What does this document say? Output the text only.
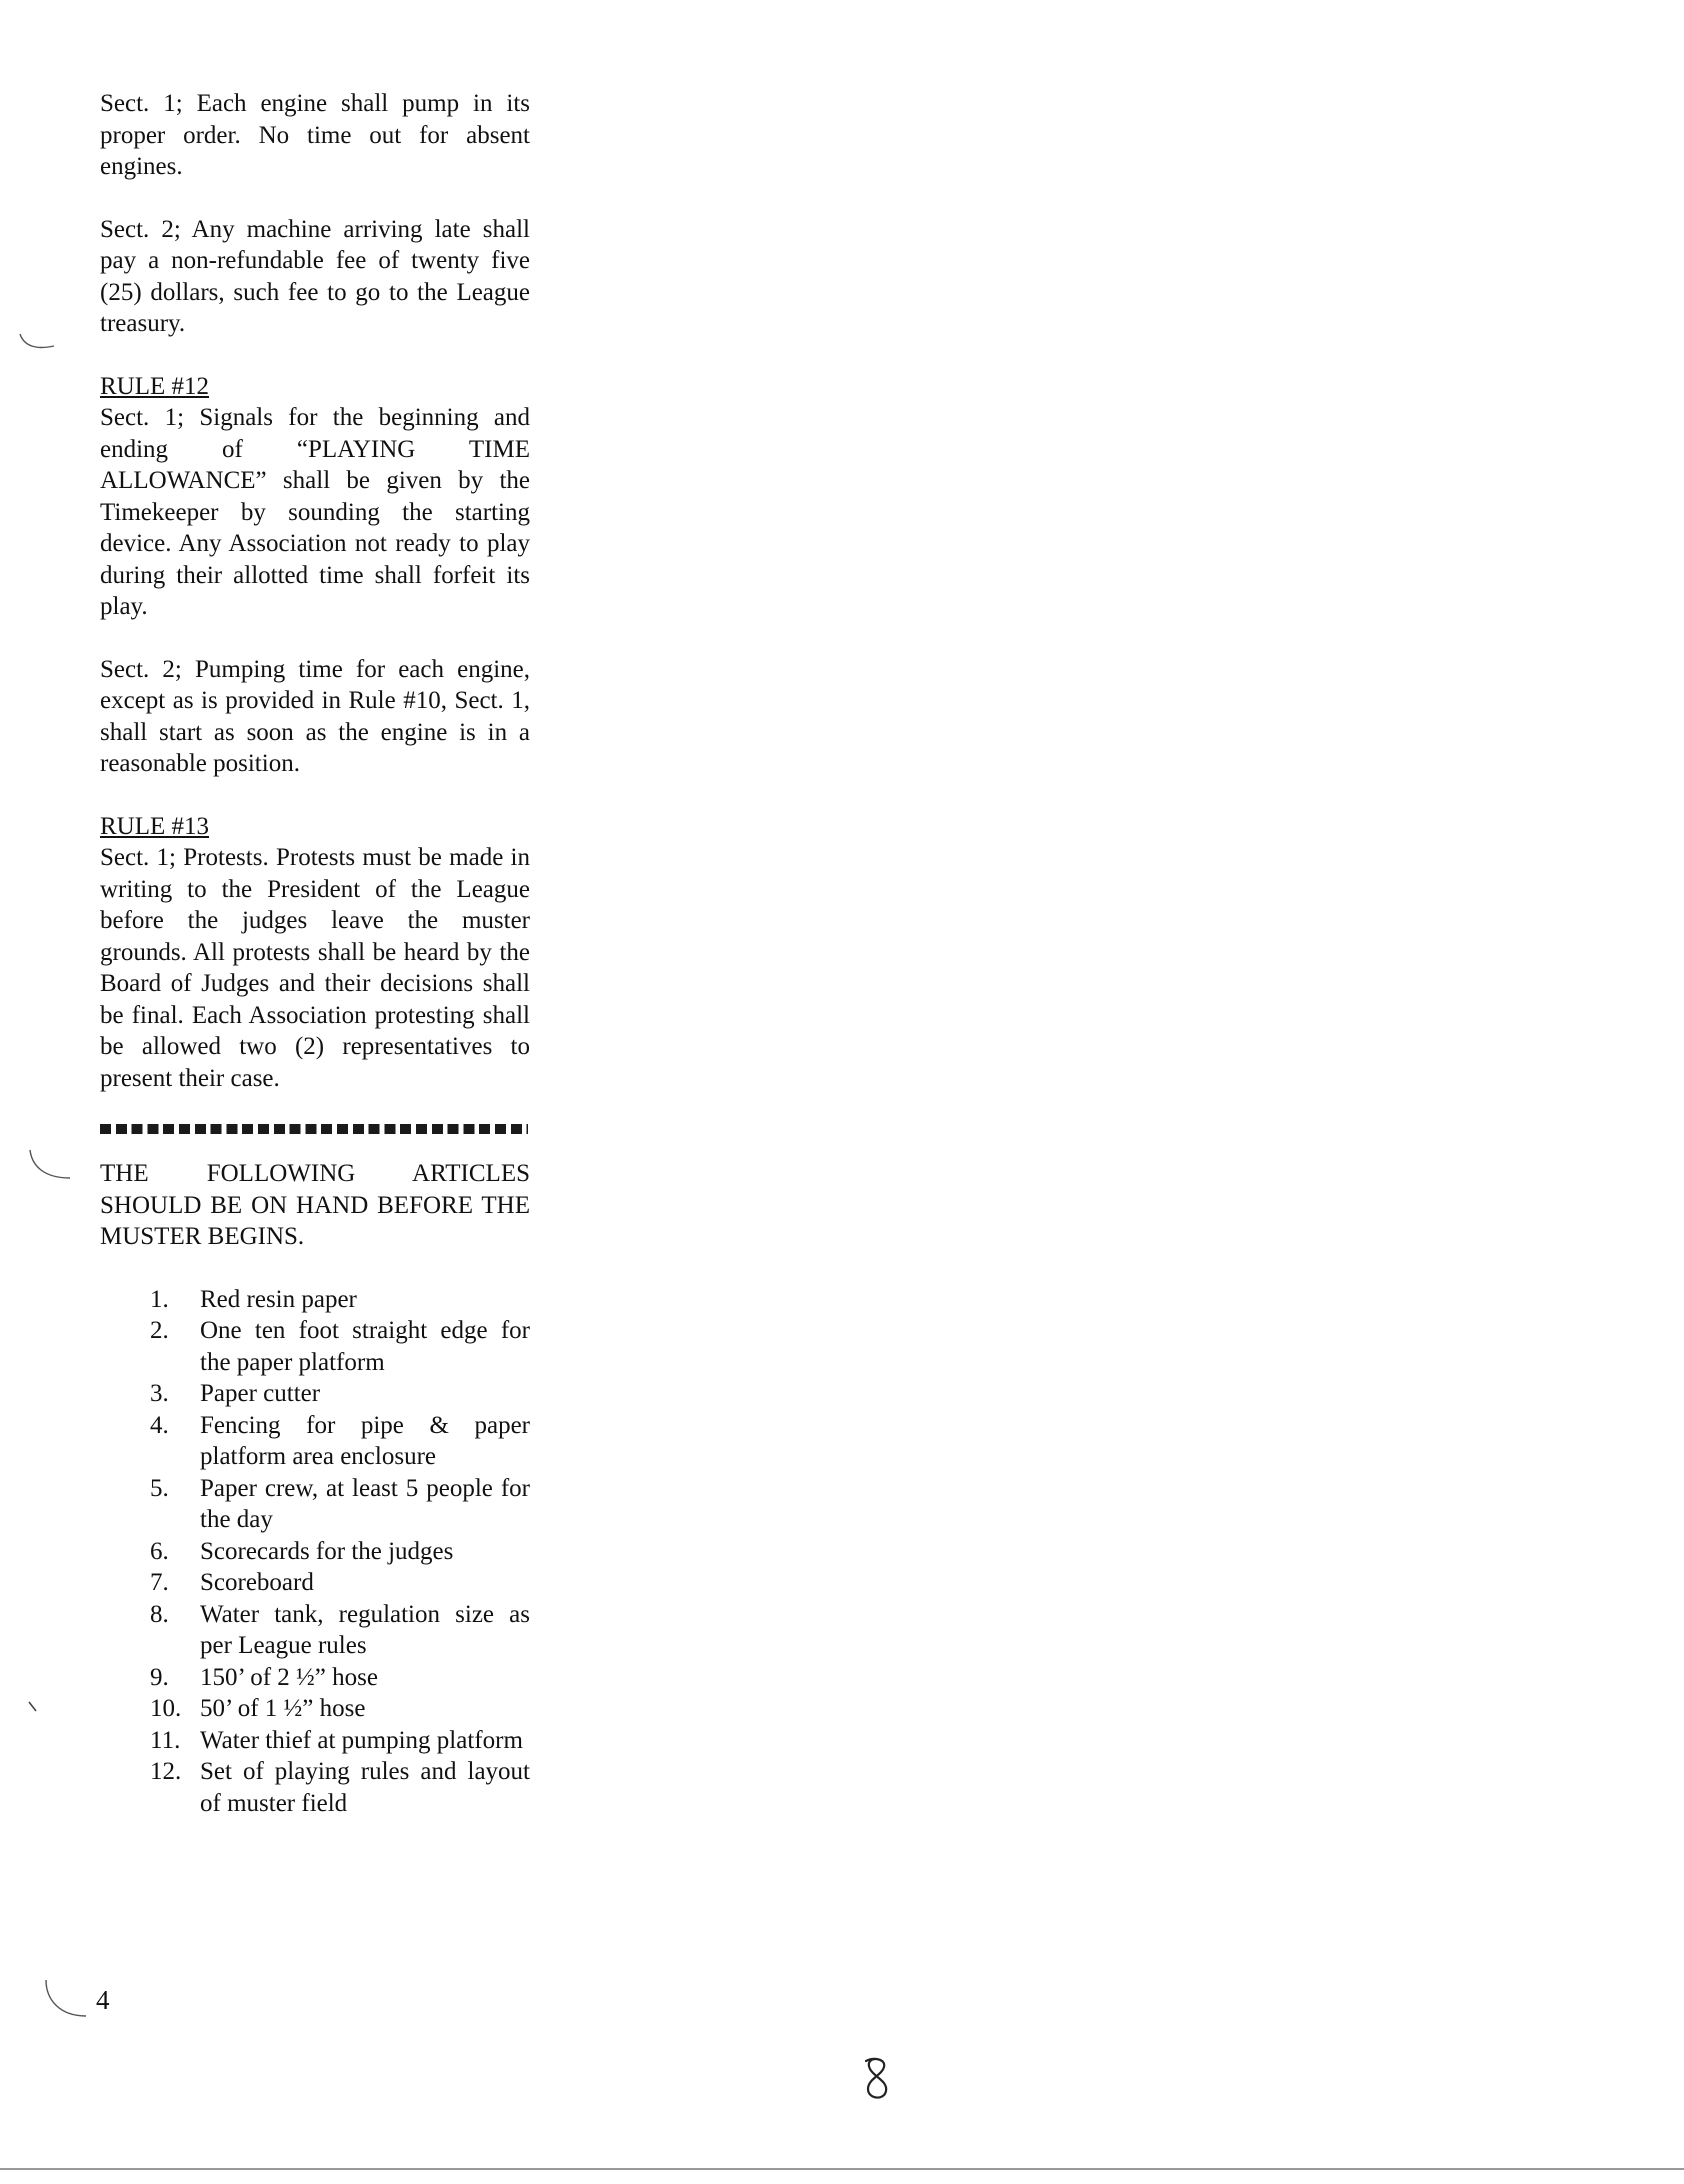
Sect. 1; Each engine shall pump in its proper order. No time out for absent engines.

Sect. 2; Any machine arriving late shall pay a non-refundable fee of twenty five (25) dollars, such fee to go to the League treasury.

RULE #12

Sect. 1; Signals for the beginning and ending of “PLAYING TIME ALLOWANCE” shall be given by the Timekeeper by sounding the starting device. Any Association not ready to play during their allotted time shall forfeit its play.

Sect. 2; Pumping time for each engine, except as is provided in Rule #10, Sect. 1, shall start as soon as the engine is in a reasonable position.

RULE #13

Sect. 1; Protests. Protests must be made in writing to the President of the League before the judges leave the muster grounds. All protests shall be heard by the Board of Judges and their decisions shall be final. Each Association protesting shall be allowed two (2) representatives to present their case.

THE FOLLOWING ARTICLES SHOULD BE ON HAND BEFORE THE MUSTER BEGINS.

1.	Red resin paper
2.	One ten foot straight edge for the paper platform
3.	Paper cutter
4.	Fencing for pipe & paper platform area enclosure
5.	Paper crew, at least 5 people for the day
6.	Scorecards for the judges
7.	Scoreboard
8.	Water tank, regulation size as per League rules
9.	150’ of 2 ½” hose
10. 50’ of 1 ½” hose
11. Water thief at pumping platform
12. Set of playing rules and layout of muster field
4
